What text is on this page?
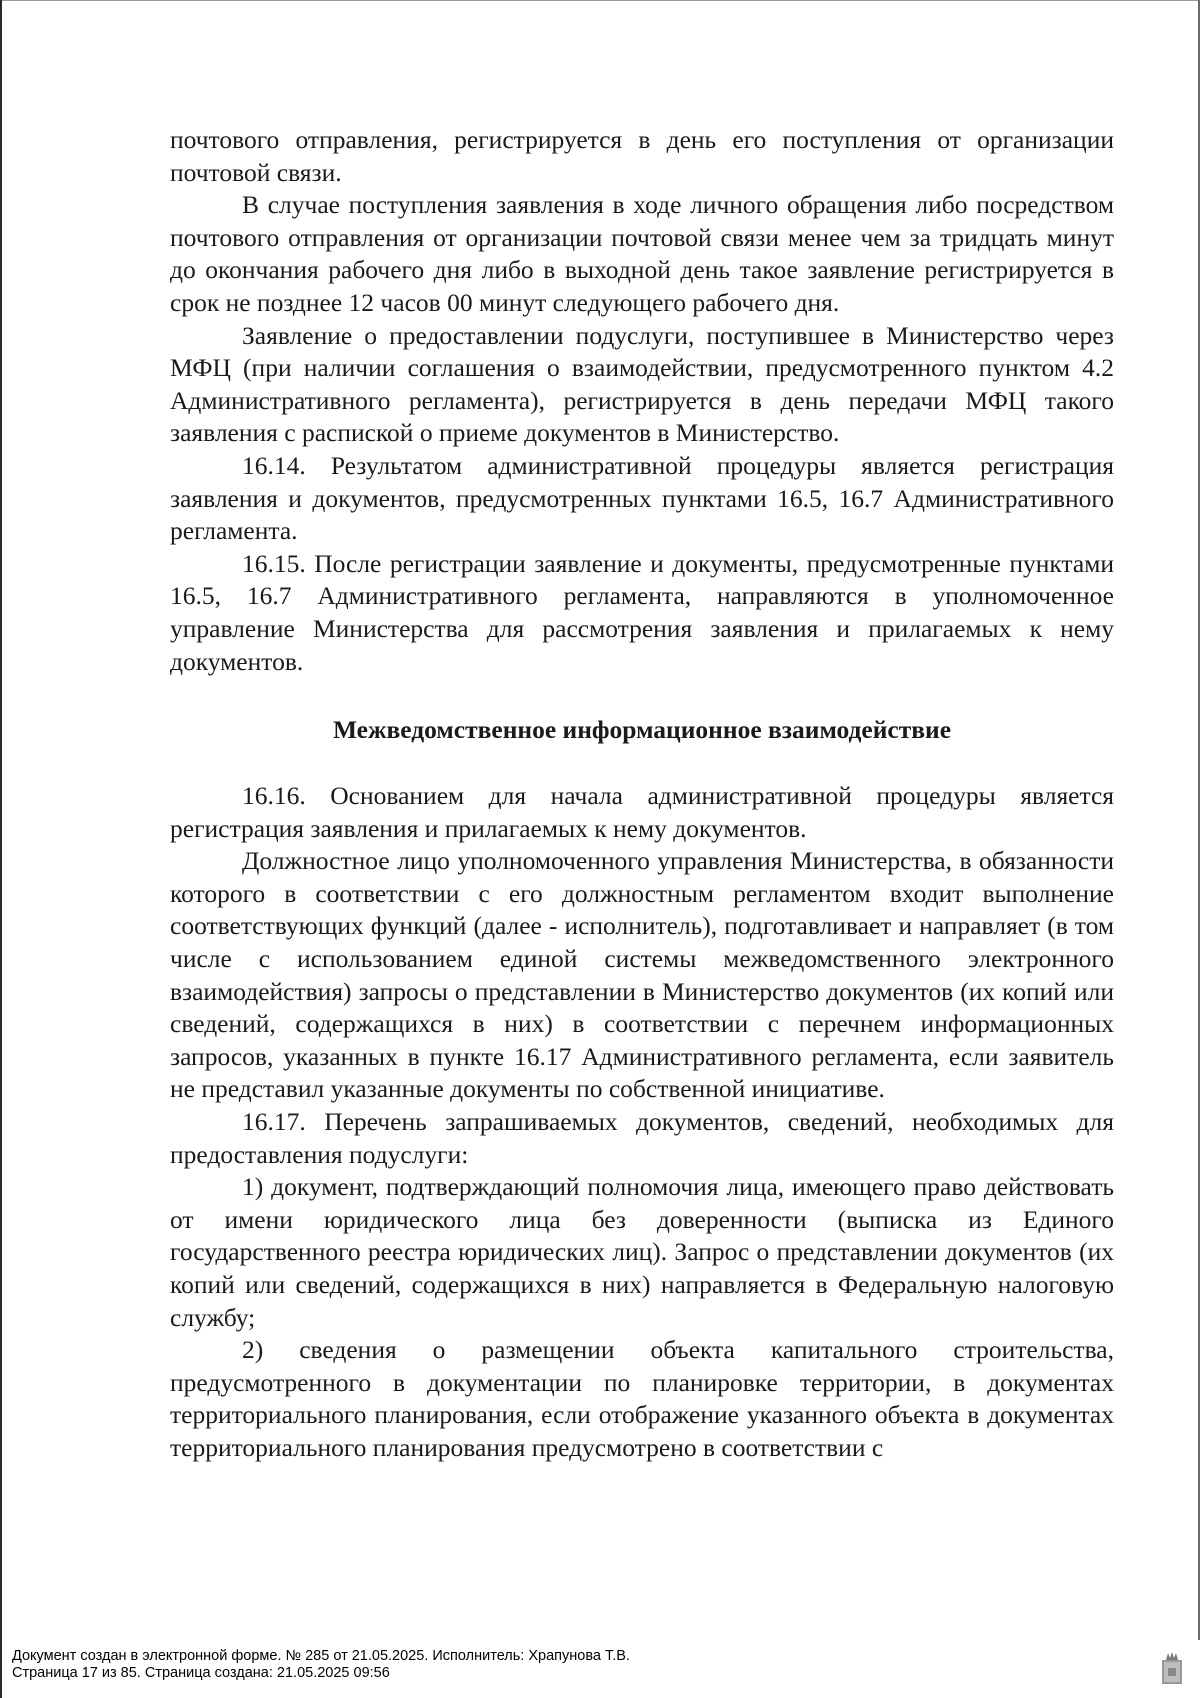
почтового отправления, регистрируется в день его поступления от организации почтовой связи.

В случае поступления заявления в ходе личного обращения либо посредством почтового отправления от организации почтовой связи менее чем за тридцать минут до окончания рабочего дня либо в выходной день такое заявление регистрируется в срок не позднее 12 часов 00 минут следующего рабочего дня.

Заявление о предоставлении подуслуги, поступившее в Министерство через МФЦ (при наличии соглашения о взаимодействии, предусмотренного пунктом 4.2 Административного регламента), регистрируется в день передачи МФЦ такого заявления с распиской о приеме документов в Министерство.

16.14. Результатом административной процедуры является регистрация заявления и документов, предусмотренных пунктами 16.5, 16.7 Административного регламента.

16.15. После регистрации заявление и документы, предусмотренные пунктами 16.5, 16.7 Административного регламента, направляются в уполномоченное управление Министерства для рассмотрения заявления и прилагаемых к нему документов.

Межведомственное информационное взаимодействие

16.16. Основанием для начала административной процедуры является регистрация заявления и прилагаемых к нему документов.

Должностное лицо уполномоченного управления Министерства, в обязанности которого в соответствии с его должностным регламентом входит выполнение соответствующих функций (далее - исполнитель), подготавливает и направляет (в том числе с использованием единой системы межведомственного электронного взаимодействия) запросы о представлении в Министерство документов (их копий или сведений, содержащихся в них) в соответствии с перечнем информационных запросов, указанных в пункте 16.17 Административного регламента, если заявитель не представил указанные документы по собственной инициативе.

16.17. Перечень запрашиваемых документов, сведений, необходимых для предоставления подуслуги:

1) документ, подтверждающий полномочия лица, имеющего право действовать от имени юридического лица без доверенности (выписка из Единого государственного реестра юридических лиц). Запрос о представлении документов (их копий или сведений, содержащихся в них) направляется в Федеральную налоговую службу;

2) сведения о размещении объекта капитального строительства, предусмотренного в документации по планировке территории, в документах территориального планирования, если отображение указанного объекта в документах территориального планирования предусмотрено в соответствии с

Документ создан в электронной форме. № 285 от 21.05.2025. Исполнитель: Храпунова Т.В.
Страница 17 из 85. Страница создана: 21.05.2025 09:56
